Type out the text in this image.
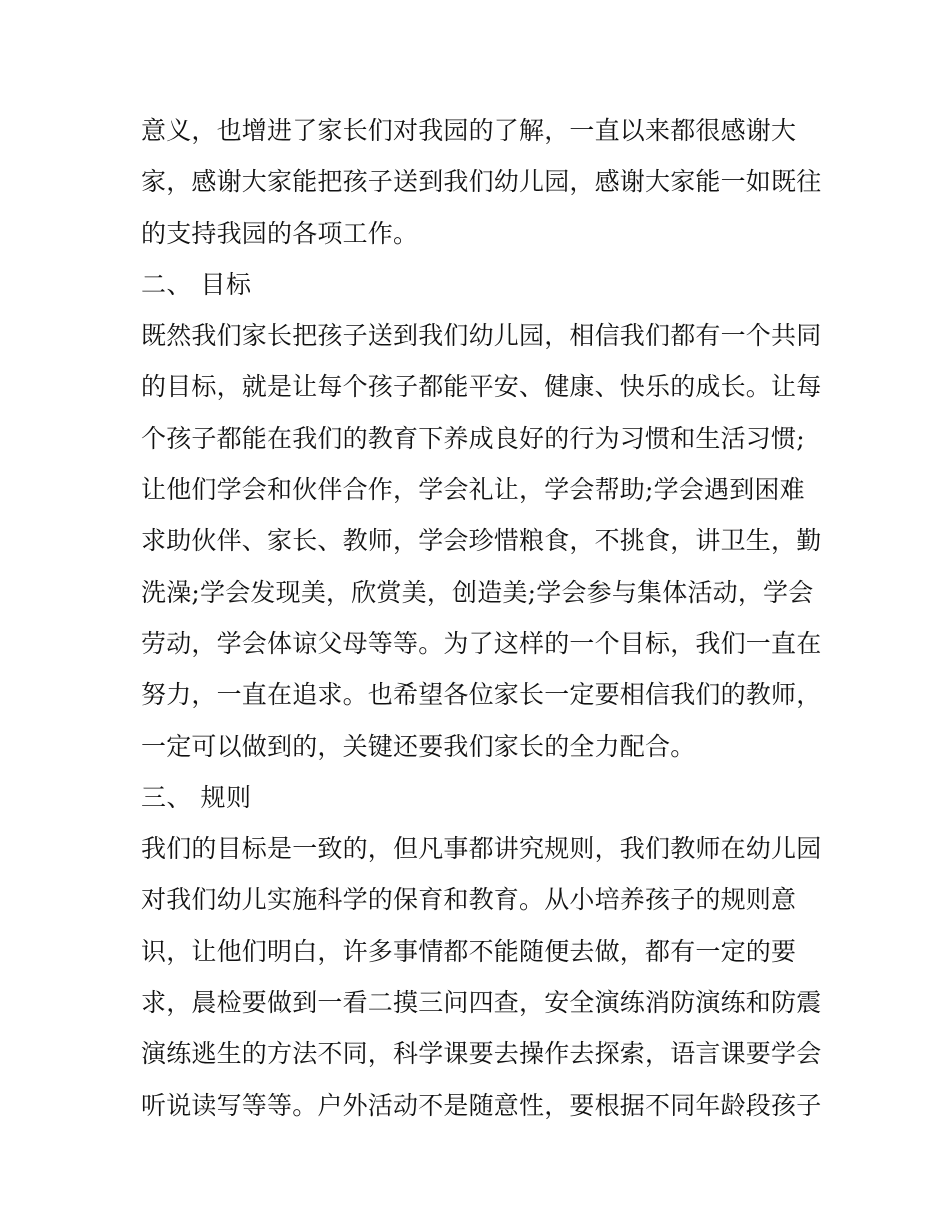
意义，也增进了家长们对我园的了解，一直以来都很感谢大
家，感谢大家能把孩子送到我们幼儿园，感谢大家能一如既往
的支持我园的各项工作。
二、 目标
既然我们家长把孩子送到我们幼儿园，相信我们都有一个共同
的目标，就是让每个孩子都能平安、健康、快乐的成长。让每
个孩子都能在我们的教育下养成良好的行为习惯和生活习惯;
让他们学会和伙伴合作，学会礼让，学会帮助;学会遇到困难
求助伙伴、家长、教师，学会珍惜粮食，不挑食，讲卫生，勤
洗澡;学会发现美，欣赏美，创造美;学会参与集体活动，学会
劳动，学会体谅父母等等。为了这样的一个目标，我们一直在
努力，一直在追求。也希望各位家长一定要相信我们的教师，
一定可以做到的，关键还要我们家长的全力配合。
三、 规则
我们的目标是一致的，但凡事都讲究规则，我们教师在幼儿园
对我们幼儿实施科学的保育和教育。从小培养孩子的规则意
识，让他们明白，许多事情都不能随便去做，都有一定的要
求，晨检要做到一看二摸三问四查，安全演练消防演练和防震
演练逃生的方法不同，科学课要去操作去探索，语言课要学会
听说读写等等。户外活动不是随意性，要根据不同年龄段孩子
